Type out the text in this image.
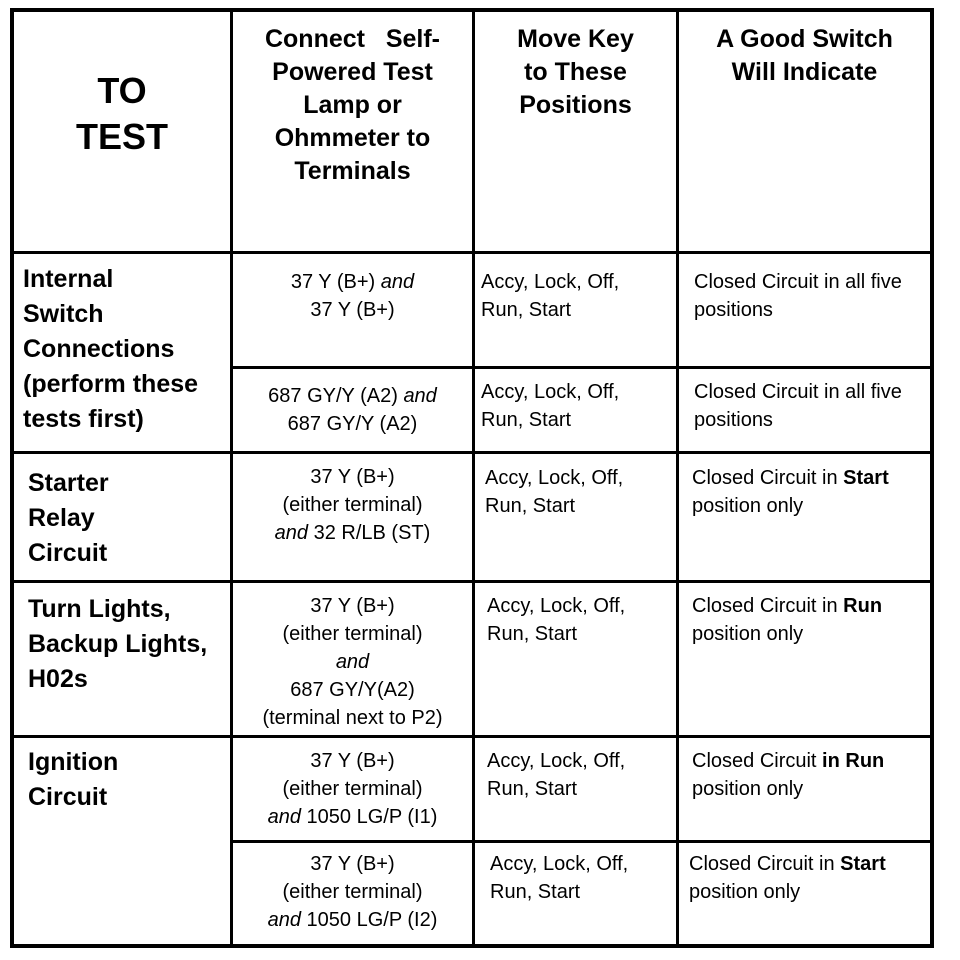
TO
TEST
Connect   Self-
Powered Test
Lamp or
Ohmmeter to
Terminals
Move Key
to These
Positions
A Good Switch
Will Indicate
Internal
Switch
Connections
(perform these
tests first)
Starter
Relay
Circuit
Turn Lights,
Backup Lights,
H02s
Ignition
Circuit
37 Y (B+) and
37 Y (B+)
Accy, Lock, Off,
Run, Start
Closed Circuit in all five
positions
687 GY/Y (A2) and
687 GY/Y (A2)
Accy, Lock, Off,
Run, Start
Closed Circuit in all five
positions
37 Y (B+)
(either terminal)
and 32 R/LB (ST)
Accy, Lock, Off,
Run, Start
Closed Circuit in Start
position only
37 Y (B+)
(either terminal)
and
687 GY/Y(A2)
(terminal next to P2)
Accy, Lock, Off,
Run, Start
Closed Circuit in Run
position only
37 Y (B+)
(either terminal)
and 1050 LG/P (I1)
Accy, Lock, Off,
Run, Start
Closed Circuit in Run
position only
37 Y (B+)
(either terminal)
and 1050 LG/P (I2)
Accy, Lock, Off,
Run, Start
Closed Circuit in Start
position only
